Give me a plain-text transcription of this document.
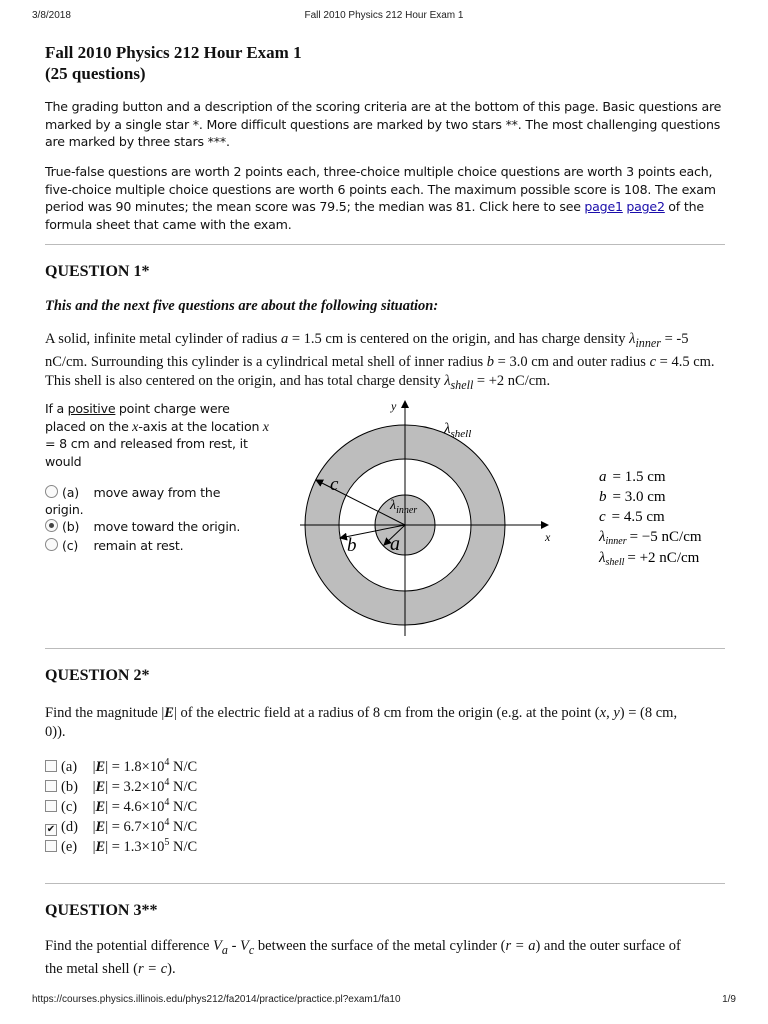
3/8/2018	Fall 2010 Physics 212 Hour Exam 1
Fall 2010 Physics 212 Hour Exam 1
(25 questions)

The grading button and a description of the scoring criteria are at the bottom of this page. Basic questions are marked by a single star *. More difficult questions are marked by two stars **. The most challenging questions are marked by three stars ***.

True-false questions are worth 2 points each, three-choice multiple choice questions are worth 3 points each, five-choice multiple choice questions are worth 6 points each. The maximum possible score is 108. The exam period was 90 minutes; the mean score was 79.5; the median was 81. Click here to see page1 page2 of the formula sheet that came with the exam.

QUESTION 1*

This and the next five questions are about the following situation:

A solid, infinite metal cylinder of radius a = 1.5 cm is centered on the origin, and has charge density $\lambda_{inner} = -5$ nC/cm. Surrounding this cylinder is a cylindrical metal shell of inner radius b = 3.0 cm and outer radius c = 4.5 cm. This shell is also centered on the origin, and has total charge density $\lambda_{shell} = +2$ nC/cm.

If a positive point charge were placed on the x-axis at the location x = 8 cm and released from rest, it would

(a) move away from the
origin.
(b) move toward the origin.
(c) remain at rest.
x
y
c
b a
$\lambda_{inner}$
$\lambda_{shell}$
a = 1.5 cm
b = 3.0 cm
c = 4.5 cm
$\lambda_{inner} = -5$ nC/cm
$\lambda_{shell} = +2$ nC/cm
QUESTION 2*

Find the magnitude |E| of the electric field at a radius of 8 cm from the origin (e.g. at the point (x, y) = (8 cm,
0)).

(a) $|E| = 1.8\times 10^4$ N/C
(b) $|E| = 3.2\times 10^4$ N/C
(c) $|E| = 4.6\times 10^4$ N/C
✔ (d) $|E| = 6.7\times 10^4$ N/C
(e) $|E| = 1.3\times 10^5$ N/C
QUESTION 3**

Find the potential difference $V_a - V_c$ between the surface of the metal cylinder (r = a) and the outer surface of
the metal shell (r = c).

https://courses.physics.illinois.edu/phys212/fa2014/practice/practice.pl?exam1/fa10	1/9
